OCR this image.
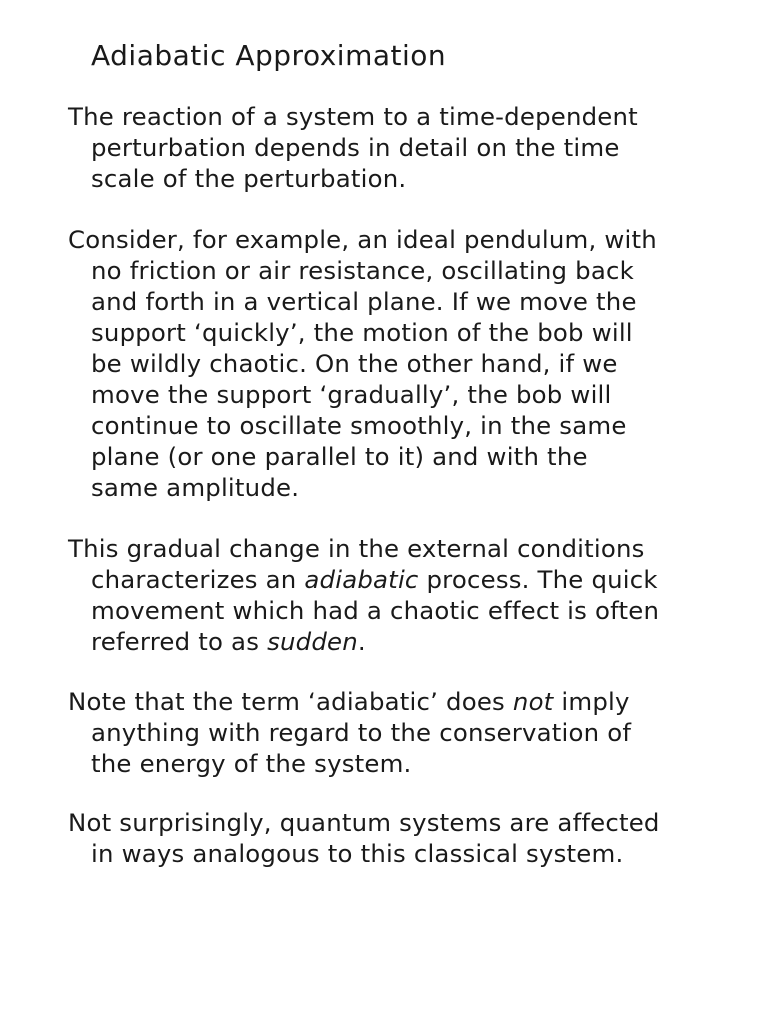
Adiabatic Approximation

The reaction of a system to a time-dependent
perturbation depends in detail on the time
scale of the perturbation.

Consider, for example, an ideal pendulum, with
no friction or air resistance, oscillating back
and forth in a vertical plane. If we move the
support ‘quickly’, the motion of the bob will
be wildly chaotic. On the other hand, if we
move the support ‘gradually’, the bob will
continue to oscillate smoothly, in the same
plane (or one parallel to it) and with the
same amplitude.

This gradual change in the external conditions
characterizes an adiabatic process. The quick
movement which had a chaotic effect is often
referred to as sudden.

Note that the term ‘adiabatic’ does not imply
anything with regard to the conservation of
the energy of the system.

Not surprisingly, quantum systems are affected
in ways analogous to this classical system.
